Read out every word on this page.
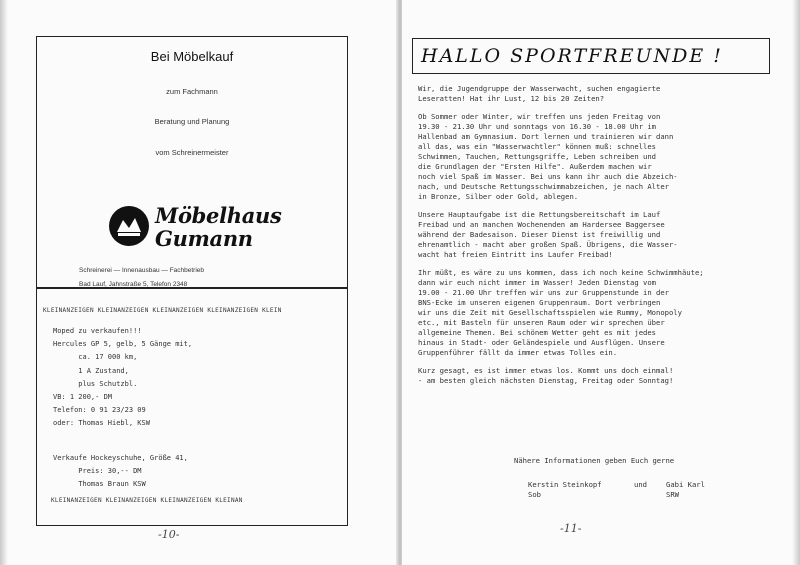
Bei Möbelkauf
zum Fachmann
Beratung und Planung
vom Schreinermeister
Möbelhaus
Gumann
Schreinerei — Innenausbau — Fachbetrieb
Bad Lauf, Jahnstraße 5, Telefon 2348
KLEINANZEIGEN KLEINANZEIGEN KLEINANZEIGEN KLEINANZEIGEN KLEIN
Moped zu verkaufen!!!
Hercules GP 5, gelb, 5 Gänge mit,
ca. 17 000 km,
1 A Zustand,
plus Schutzbl.
VB: 1 200,- DM
Telefon: 0 91 23/23 09
oder: Thomas Hiebl, KSW
Verkaufe Hockeyschuhe, Größe 41,
Preis: 30,-- DM
Thomas Braun KSW
KLEINANZEIGEN KLEINANZEIGEN KLEINANZEIGEN KLEINAN
-10-
HALLO SPORTFREUNDE !

Wir, die Jugendgruppe der Wasserwacht, suchen engagierte
Leseratten! Hat ihr Lust, 12 bis 20 Zeiten?

Ob Sommer oder Winter, wir treffen uns jeden Freitag von
19.30 - 21.30 Uhr und sonntags von 16.30 - 18.00 Uhr im
Hallenbad am Gymnasium. Dort lernen und trainieren wir dann
all das, was ein "Wasserwachtler" können muß: schnelles
Schwimmen, Tauchen, Rettungsgriffe, Leben schreiben und
die Grundlagen der "Ersten Hilfe". Außerdem machen wir
noch viel Spaß im Wasser. Bei uns kann ihr auch die Abzeich-
nach, und Deutsche Rettungsschwimmabzeichen, je nach Alter
in Bronze, Silber oder Gold, ablegen.

Unsere Hauptaufgabe ist die Rettungsbereitschaft im Lauf
Freibad und an manchen Wochenenden am Hardersee Baggersee
während der Badesaison. Dieser Dienst ist freiwillig und
ehrenamtlich - macht aber großen Spaß. Übrigens, die Wasser-
wacht hat freien Eintritt ins Laufer Freibad!

Ihr müßt, es wäre zu uns kommen, dass ich noch keine Schwimmhäute;
dann wir euch nicht immer im Wasser! Jeden Dienstag vom
19.00 - 21.00 Uhr treffen wir uns zur Gruppenstunde in der
BNS-Ecke im unseren eigenen Gruppenraum. Dort verbringen
wir uns die Zeit mit Gesellschaftsspielen wie Rummy, Monopoly
etc., mit Basteln für unseren Raum oder wir sprechen über
allgemeine Themen. Bei schönem Wetter geht es mit jedes
hinaus in Stadt- oder Geländespiele und Ausflügen. Unsere
Gruppenführer fällt da immer etwas Tolles ein.

Kurz gesagt, es ist immer etwas los. Kommt uns doch einmal!
- am besten gleich nächsten Dienstag, Freitag oder Sonntag!

Nähere Informationen geben Euch gerne
Kerstin Steinkopf
Sob
und	Gabi Karl
SRW
-11-
